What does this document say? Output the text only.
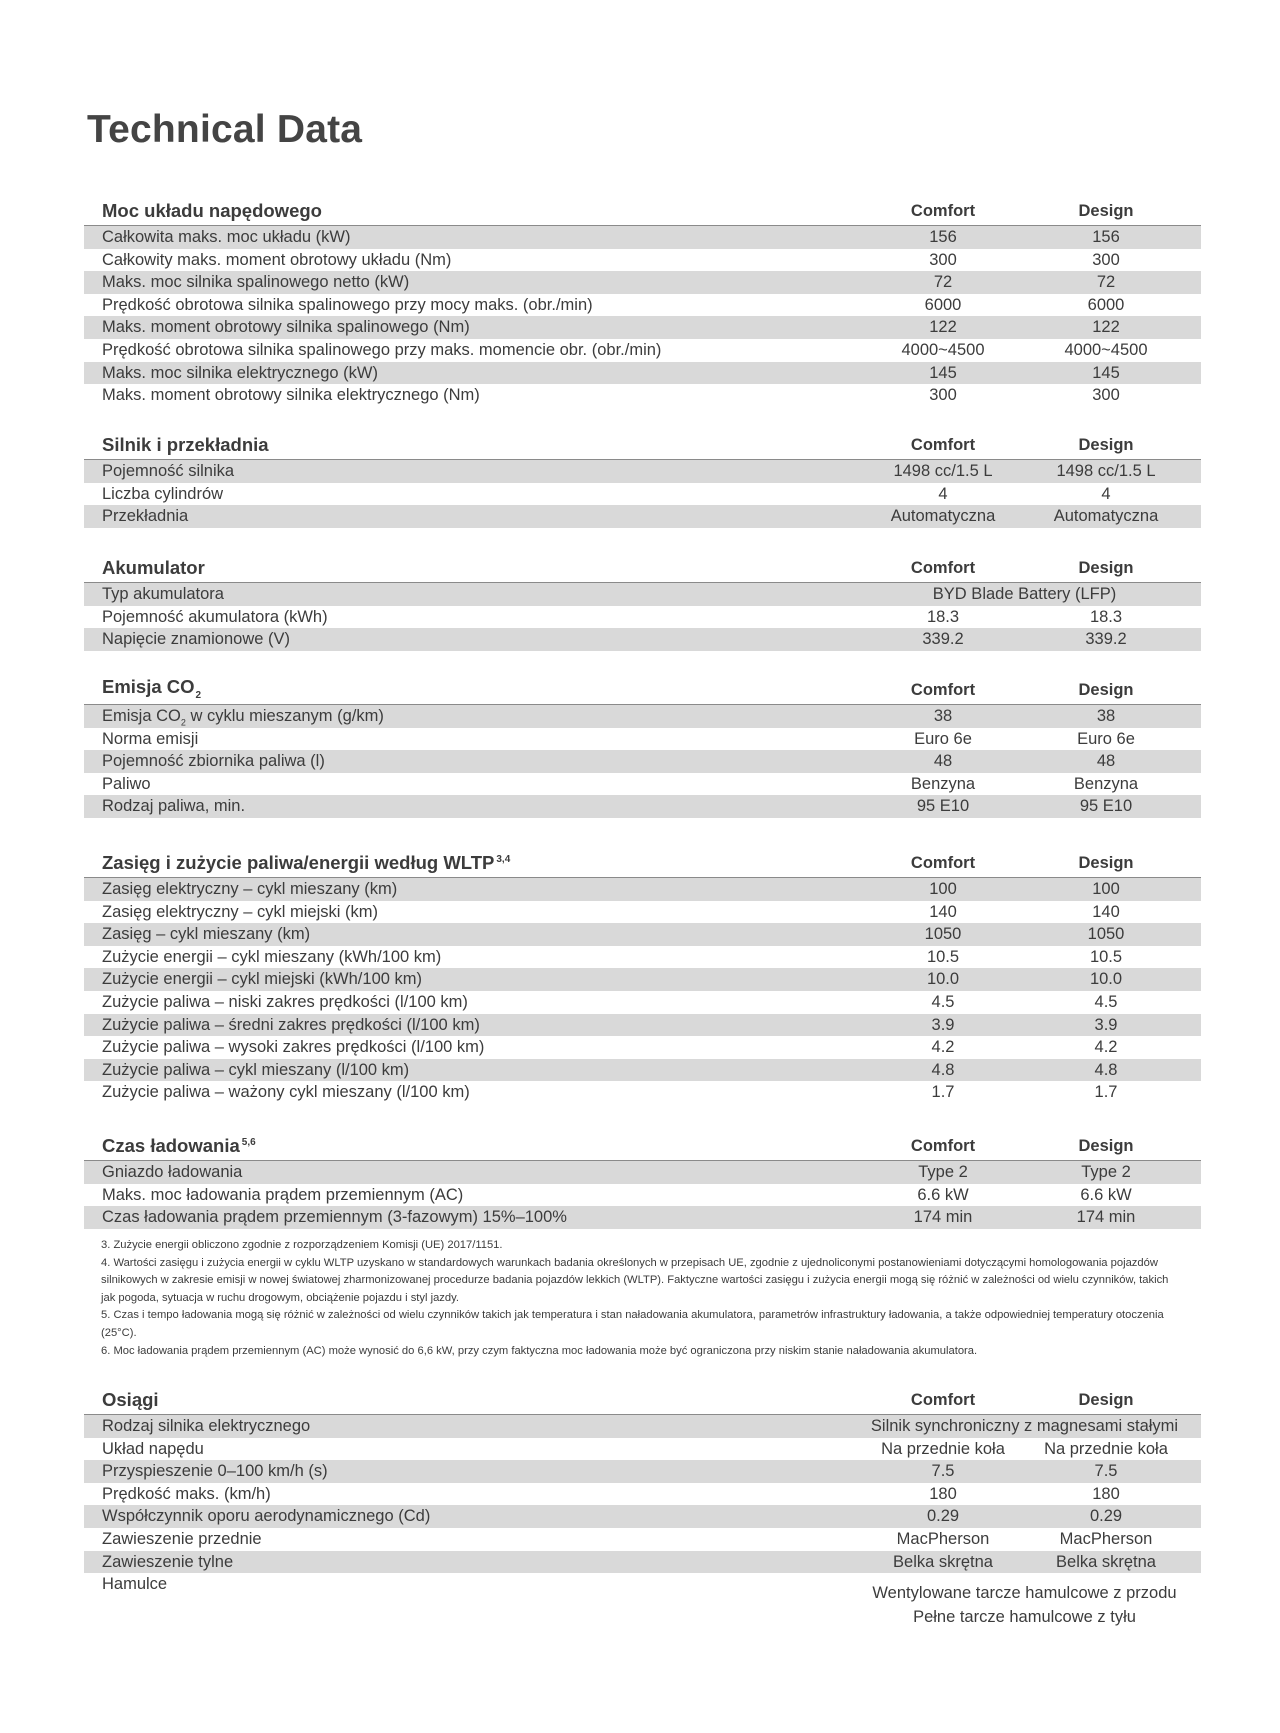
Technical Data
Moc układu napędowego	Comfort	Design
Całkowita maks. moc układu (kW)	156	156
Całkowity maks. moment obrotowy układu (Nm)	300	300
Maks. moc silnika spalinowego netto (kW)	72	72
Prędkość obrotowa silnika spalinowego przy mocy maks. (obr./min)	6000	6000
Maks. moment obrotowy silnika spalinowego (Nm)	122	122
Prędkość obrotowa silnika spalinowego przy maks. momencie obr. (obr./min)	4000~4500	4000~4500
Maks. moc silnika elektrycznego (kW)	145	145
Maks. moment obrotowy silnika elektrycznego (Nm)	300	300
Silnik i przekładnia	Comfort	Design
Pojemność silnika	1498 cc/1.5 L	1498 cc/1.5 L
Liczba cylindrów	4	4
Przekładnia	Automatyczna	Automatyczna
Akumulator	Comfort	Design
Typ akumulatora	BYD Blade Battery (LFP)
Pojemność akumulatora (kWh)	18.3	18.3
Napięcie znamionowe (V)	339.2	339.2
Emisja $CO_2$	Comfort	Design
Emisja $CO_2$ w cyklu mieszanym (g/km)	38	38
Norma emisji	Euro 6e	Euro 6e
Pojemność zbiornika paliwa (l)	48	48
Paliwo	Benzyna	Benzyna
Rodzaj paliwa, min.	95 E10	95 E10
Zasięg i zużycie paliwa/energii według WLTP $^{3,4}$	Comfort	Design
Zasięg elektryczny – cykl mieszany (km)	100	100
Zasięg elektryczny – cykl miejski (km)	140	140
Zasięg – cykl mieszany (km)	1050	1050
Zużycie energii – cykl mieszany (kWh/100 km)	10.5	10.5
Zużycie energii – cykl miejski (kWh/100 km)	10.0	10.0
Zużycie paliwa – niski zakres prędkości (l/100 km)	4.5	4.5
Zużycie paliwa – średni zakres prędkości (l/100 km)	3.9	3.9
Zużycie paliwa – wysoki zakres prędkości (l/100 km)	4.2	4.2
Zużycie paliwa – cykl mieszany (l/100 km)	4.8	4.8
Zużycie paliwa – ważony cykl mieszany (l/100 km)	1.7	1.7
Czas ładowania $^{5,6}$	Comfort	Design
Gniazdo ładowania	Type 2	Type 2
Maks. moc ładowania prądem przemiennym (AC)	6.6 kW	6.6 kW
Czas ładowania prądem przemiennym (3-fazowym) 15%–100%	174 min	174 min

3. Zużycie energii obliczono zgodnie z rozporządzeniem Komisji (UE) 2017/1151.

4. Wartości zasięgu i zużycia energii w cyklu WLTP uzyskano w standardowych warunkach badania określonych w przepisach UE, zgodnie z ujednoliconymi postanowieniami dotyczącymi homologowania pojazdów silnikowych w zakresie emisji w nowej światowej zharmonizowanej procedurze badania pojazdów lekkich (WLTP). Faktyczne wartości zasięgu i zużycia energii mogą się różnić w zależności od wielu czynników, takich jak pogoda, sytuacja w ruchu drogowym, obciążenie pojazdu i styl jazdy.

5. Czas i tempo ładowania mogą się różnić w zależności od wielu czynników takich jak temperatura i stan naładowania akumulatora, parametrów infrastruktury ładowania, a także odpowiedniej temperatury otoczenia (25°C).

6. Moc ładowania prądem przemiennym (AC) może wynosić do 6,6 kW, przy czym faktyczna moc ładowania może być ograniczona przy niskim stanie naładowania akumulatora.

Osiągi	Comfort	Design
Rodzaj silnika elektrycznego	Silnik synchroniczny z magnesami stałymi
Układ napędu	Na przednie koła	Na przednie koła
Przyspieszenie 0–100 km/h (s)	7.5	7.5
Prędkość maks. (km/h)	180	180
Współczynnik oporu aerodynamicznego (Cd)	0.29	0.29
Zawieszenie przednie	MacPherson	MacPherson
Zawieszenie tylne	Belka skrętna	Belka skrętna
Hamulce	Wentylowane tarcze hamulcowe z przodu
Pełne tarcze hamulcowe z tyłu
